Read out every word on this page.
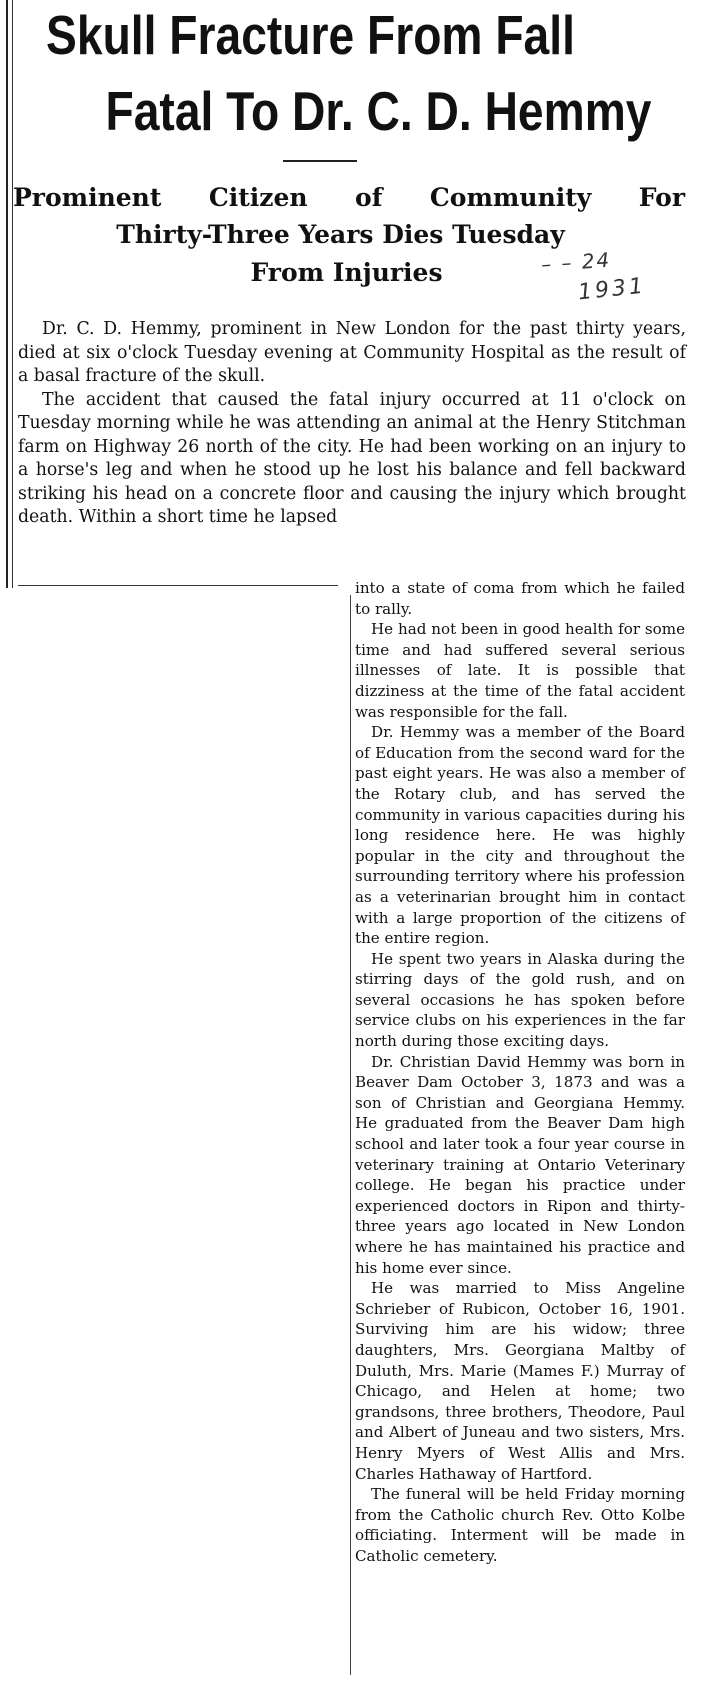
Skull Fracture From Fall
Fatal To Dr. C. D. Hemmy
Prominent Citizen of Community For
Thirty-Three Years Dies Tuesday
From Injuries	– – 24
1931

Dr. C. D. Hemmy, prominent in New London for the past thirty years, died at six o'clock Tuesday evening at Community Hospital as the result of a basal fracture of the skull.

The accident that caused the fatal injury occurred at 11 o'clock on Tuesday morning while he was attending an animal at the Henry Stitchman farm on Highway 26 north of the city. He had been working on an injury to a horse's leg and when he stood up he lost his balance and fell backward striking his head on a concrete floor and causing the injury which brought death. Within a short time he lapsed

into a state of coma from which he failed to rally.

He had not been in good health for some time and had suffered several serious illnesses of late. It is possible that dizziness at the time of the fatal accident was responsible for the fall.

Dr. Hemmy was a member of the Board of Education from the second ward for the past eight years. He was also a member of the Rotary club, and has served the community in various capacities during his long residence here. He was highly popular in the city and throughout the surrounding territory where his profession as a veterinarian brought him in contact with a large proportion of the citizens of the entire region.

He spent two years in Alaska during the stirring days of the gold rush, and on several occasions he has spoken before service clubs on his experiences in the far north during those exciting days.

Dr. Christian David Hemmy was born in Beaver Dam October 3, 1873 and was a son of Christian and Georgiana Hemmy. He graduated from the Beaver Dam high school and later took a four year course in veterinary training at Ontario Veterinary college. He began his practice under experienced doctors in Ripon and thirty-three years ago located in New London where he has maintained his practice and his home ever since.

He was married to Miss Angeline Schrieber of Rubicon, October 16, 1901. Surviving him are his widow; three daughters, Mrs. Georgiana Maltby of Duluth, Mrs. Marie (Mames F.) Murray of Chicago, and Helen at home; two grandsons, three brothers, Theodore, Paul and Albert of Juneau and two sisters, Mrs. Henry Myers of West Allis and Mrs. Charles Hathaway of Hartford.

The funeral will be held Friday morning from the Catholic church Rev. Otto Kolbe officiating. Interment will be made in Catholic cemetery.
